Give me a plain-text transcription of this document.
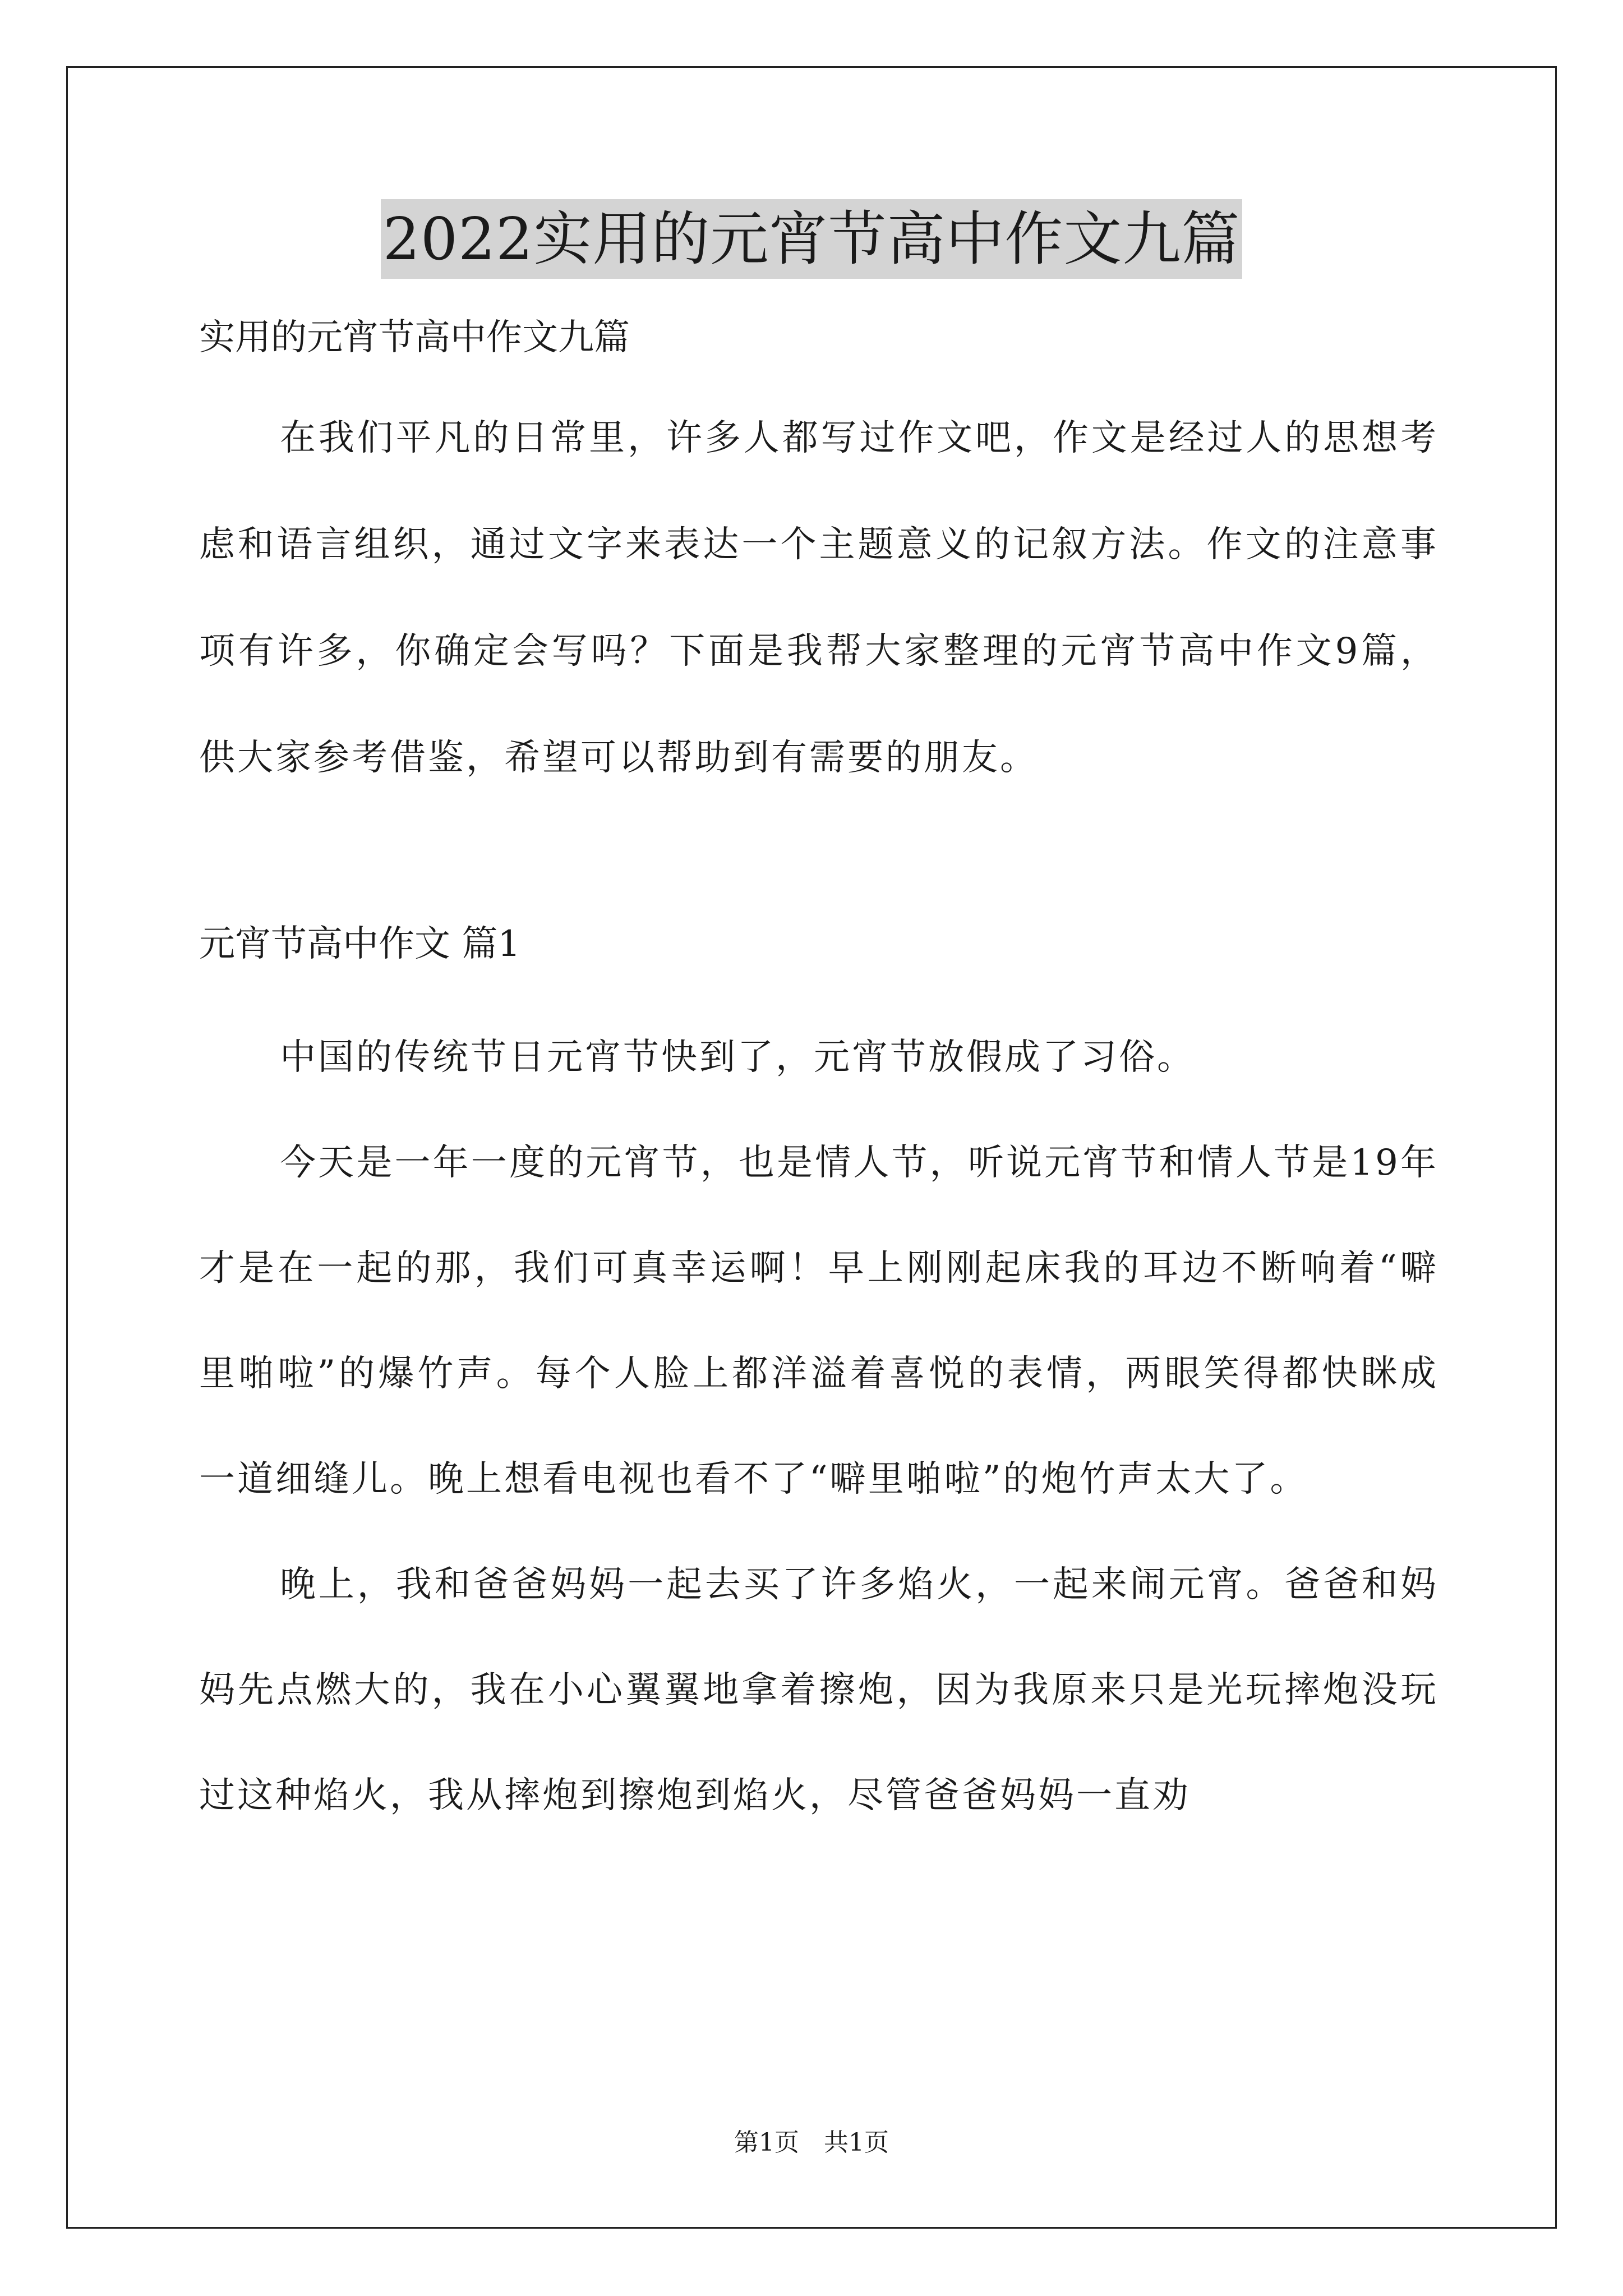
2022实用的元宵节高中作文九篇

实用的元宵节高中作文九篇

在我们平凡的日常里，许多人都写过作文吧，作文是经过人的思想考虑和语言组织，通过文字来表达一个主题意义的记叙方法。作文的注意事项有许多，你确定会写吗？下面是我帮大家整理的元宵节高中作文9篇，供大家参考借鉴，希望可以帮助到有需要的朋友。

元宵节高中作文 篇1

中国的传统节日元宵节快到了，元宵节放假成了习俗。

今天是一年一度的元宵节，也是情人节，听说元宵节和情人节是19年才是在一起的那，我们可真幸运啊！早上刚刚起床我的耳边不断响着“噼里啪啦”的爆竹声。每个人脸上都洋溢着喜悦的表情，两眼笑得都快眯成一道细缝儿。晚上想看电视也看不了“噼里啪啦”的炮竹声太大了。

晚上，我和爸爸妈妈一起去买了许多焰火，一起来闹元宵。爸爸和妈妈先点燃大的，我在小心翼翼地拿着擦炮，因为我原来只是光玩摔炮没玩过这种焰火，我从摔炮到擦炮到焰火，尽管爸爸妈妈一直劝

第1页　共1页
